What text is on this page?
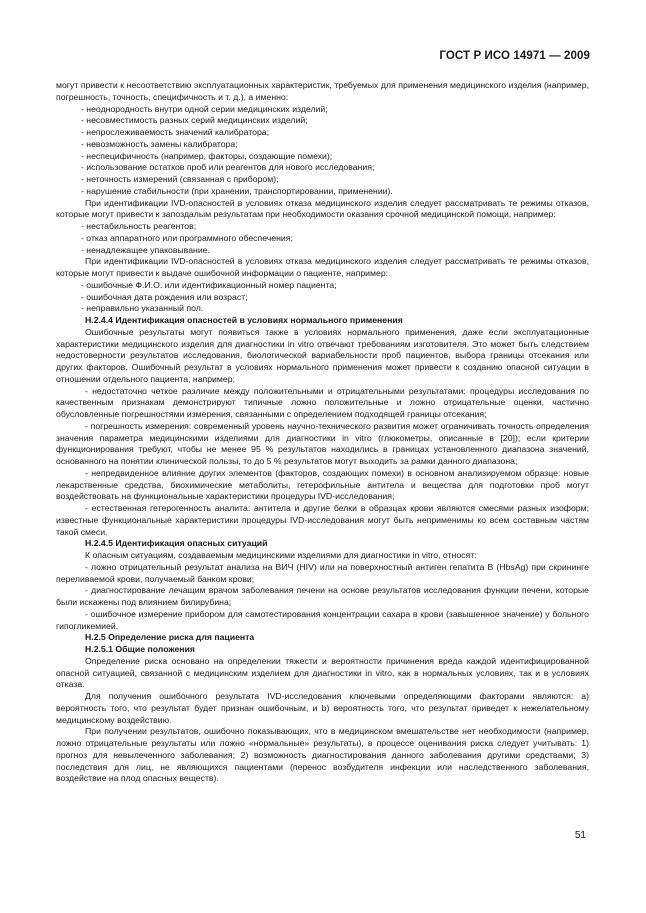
ГОСТ Р ИСО 14971 — 2009

могут привести к несоответствию эксплуатационных характеристик, требуемых для применения медицинского изделия (например, погрешность, точность, специфичность и т. д.), а именно:

- неоднородность внутри одной серии медицинских изделий;

- несовместимость разных серий медицинских изделий;

- непрослеживаемость значений калибратора;

- невозможность замены калибратора;

- неспецифичность (например, факторы, создающие помехи);

- использование остатков проб или реагентов для нового исследования;

- неточность измерений (связанная с прибором);

- нарушение стабильности (при хранении, транспортировании, применении).

При идентификации IVD-опасностей в условиях отказа медицинского изделия следует рассматривать те режимы отказов, которые могут привести к запоздалым результатам при необходимости оказания срочной медицинской помощи, например:

- нестабильность реагентов;

- отказ аппаратного или программного обеспечения;

- ненадлежащее упаковывание.

При идентификации IVD-опасностей в условиях отказа медицинского изделия следует рассматривать те режимы отказов, которые могут привести к выдаче ошибочной информации о пациенте, например:

- ошибочные Ф.И.О. или идентификационный номер пациента;

- ошибочная дата рождения или возраст;

- неправильно указанный пол.

H.2.4.4 Идентификация опасностей в условиях нормального применения

Ошибочные результаты могут появиться также в условиях нормального применения, даже если эксплуатационные характеристики медицинского изделия для диагностики in vitro отвечают требованиям изготовителя. Это может быть следствием недостоверности результатов исследования, биологической вариабельности проб пациентов, выбора границы отсекания или других факторов. Ошибочный результат в условиях нормального применения может привести к созданию опасной ситуации в отношении отдельного пациента, например:

- недостаточно четкое различие между положительными и отрицательными результатами: процедуры исследования по качественным признакам демонстрируют типичные ложно положительные и ложно отрицательные оценки, частично обусловленные погрешностями измерения, связанными с определением подходящей границы отсекания;

- погрешность измерения: современный уровень научно-технического развития может ограничивать точность определения значения параметра медицинскими изделиями для диагностики in vitro (глюкометры, описанные в [20]); если критерии функционирования требуют, чтобы не менее 95 % результатов находились в границах установленного диапазона значений, основанного на понятии клинической пользы, то до 5 % результатов могут выходить за рамки данного диапазона;

- непредвиденное влияние других элементов (факторов, создающих помехи) в основном анализируемом образце: новые лекарственные средства, биохимические метаболиты, гетерофильные антитела и вещества для подготовки проб могут воздействовать на функциональные характеристики процедуры IVD-исследования;

- естественная гетерогенность аналита: антитела и другие белки в образцах крови являются смесями разных изоформ; известные функциональные характеристики процедуры IVD-исследования могут быть неприменимы ко всем составным частям такой смеси.

H.2.4.5 Идентификация опасных ситуаций

К опасным ситуациям, создаваемым медицинскими изделиями для диагностики in vitro, относят:

- ложно отрицательный результат анализа на ВИЧ (HIV) или на поверхностный антиген гепатита В (HbsAg) при скрининге переливаемой крови, получаемый банком крови;

- диагностирование лечащим врачом заболевания печени на основе результатов исследования функции печени, которые были искажены под влиянием билирубина;

- ошибочное измерение прибором для самотестирования концентрации сахара в крови (завышенное значение) у больного гипогликемией.

H.2.5 Определение риска для пациента

H.2.5.1 Общие положения

Определение риска основано на определении тяжести и вероятности причинения вреда каждой идентифицированной опасной ситуацией, связанной с медицинским изделием для диагностики in vitro, как в нормальных условиях, так и в условиях отказа.

Для получения ошибочного результата IVD-исследования ключевыми определяющими факторами являются: а) вероятность того, что результат будет признан ошибочным, и b) вероятность того, что результат приведет к нежелательному медицинскому воздействию.

При получении результатов, ошибочно показывающих, что в медицинском вмешательстве нет необходимости (например, ложно отрицательные результаты или ложно «нормальные» результаты), в процессе оценивания риска следует учитывать: 1) прогноз для невылеченного заболевания; 2) возможность диагностирования данного заболевания другими средствами; 3) последствия для лиц, не являющихся пациентами (перенос возбудителя инфекции или наследственного заболевания, воздействие на плод опасных веществ).

51
